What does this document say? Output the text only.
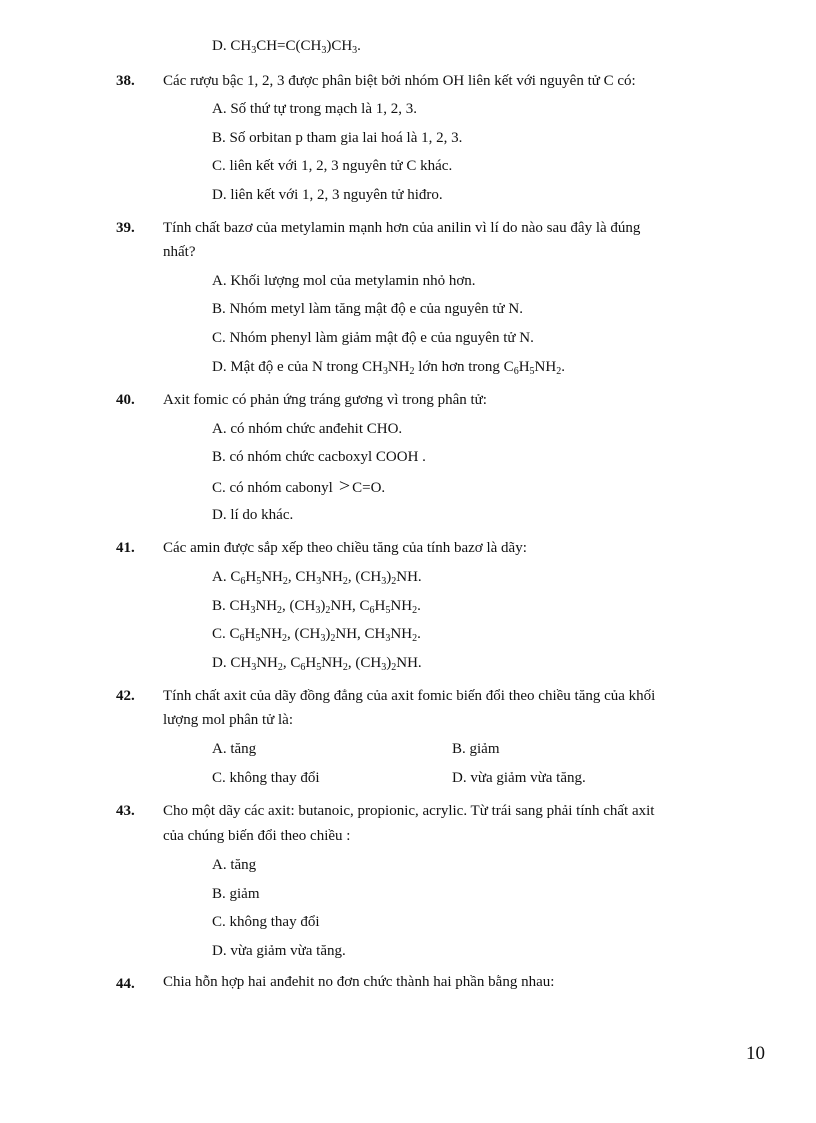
D. $CH_3CH=C(CH_3)CH_3$.
38. Các rượu bậc 1, 2, 3 được phân biệt bởi nhóm OH liên kết với nguyên tử C có:
A. Số thứ tự trong mạch là 1, 2, 3.
B. Số orbitan p tham gia lai hoá là 1, 2, 3.
C. liên kết với 1, 2, 3 nguyên tử C khác.
D. liên kết với 1, 2, 3 nguyên tử hiđro.
39. Tính chất bazơ của metylamin mạnh hơn của anilin vì lí do nào sau đây là đúng
nhất?
A. Khối lượng mol của metylamin nhỏ hơn.
B. Nhóm metyl làm tăng mật độ e của nguyên tử N.
C. Nhóm phenyl làm giảm mật độ e của nguyên tử N.
D. Mật độ e của N trong $CH_3NH_2$ lớn hơn trong $C_6H_5NH_2$.
40. Axit fomic có phản ứng tráng gương vì trong phân tử:
A. có nhóm chức anđehit CHO.
B. có nhóm chức cacboxyl COOH .
C. có nhóm cabonyl > C=O.
D. lí do khác.
41. Các amin được sắp xếp theo chiều tăng của tính bazơ là dãy:
A. $C_6H_5NH_2$, $CH_3NH_2$, $(CH_3)_2NH$.
B. $CH_3NH_2$, $(CH_3)_2NH$, $C_6H_5NH_2$.
C. $C_6H_5NH_2$, $(CH_3)_2NH$, $CH_3NH_2$.
D. $CH_3NH_2$, $C_6H_5NH_2$, $(CH_3)_2NH$.
42. Tính chất axit của dãy đồng đẳng của axit fomic biến đổi theo chiều tăng của khối
lượng mol phân tử là:
A. tăng	B. giảm
C. không thay đổi	D. vừa giảm vừa tăng.
43. Cho một dãy các axit: butanoic, propionic, acrylic. Từ trái sang phải tính chất axit
của chúng biến đổi theo chiều :
A. tăng
B. giảm
C. không thay đổi
D. vừa giảm vừa tăng.
44. Chia hỗn hợp hai anđehit no đơn chức thành hai phần bằng nhau:
10
